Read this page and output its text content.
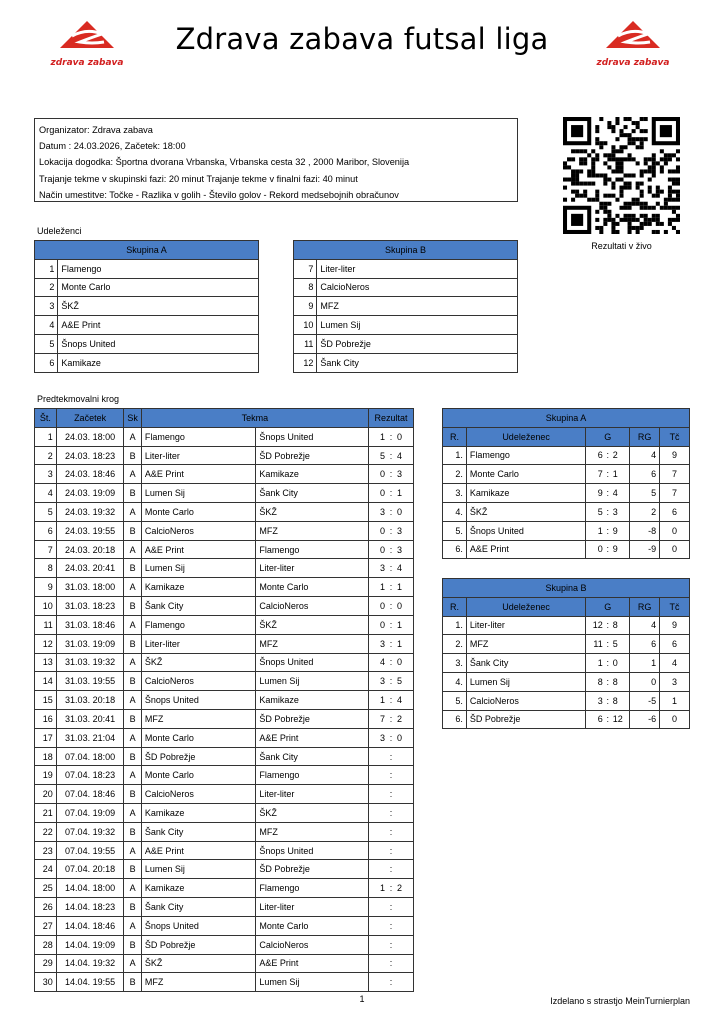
zdrava zabava
Zdrava zabava futsal liga
zdrava zabava
Organizator: Zdrava zabava
Datum : 24.03.2026, Začetek: 18:00
Lokacija dogodka: Športna dvorana Vrbanska, Vrbanska cesta 32 , 2000 Maribor, Slovenija
Trajanje tekme v skupinski fazi: 20 minut Trajanje tekme v finalni fazi: 40 minut
Način umestitve: Točke - Razlika v golih - Število golov - Rekord medsebojnih obračunov
Rezultati v živo
Udeleženci
Skupina A	
1	Flamengo
2	Monte Carlo
3	ŠKŽ
4	A&E Print
5	Šnops United
6	Kamikaze
Skupina B	
7	Liter-liter
8	CalcioNeros
9	MFZ
10	Lumen Sij
11	ŠD Pobrežje
12	Šank City
Predtekmovalni krog
Št.	Začetek	Sk	Tekma		Rezultat
1	24.03. 18:00	A	Flamengo	Šnops United	1 : 0

2	24.03. 18:23	B	Liter-liter	ŠD Pobrežje	5 : 4

3	24.03. 18:46	A	A&E Print	Kamikaze	0 : 3

4	24.03. 19:09	B	Lumen Sij	Šank City	0 : 1

5	24.03. 19:32	A	Monte Carlo	ŠKŽ	3 : 0

6	24.03. 19:55	B	CalcioNeros	MFZ	0 : 3

7	24.03. 20:18	A	A&E Print	Flamengo	0 : 3

8	24.03. 20:41	B	Lumen Sij	Liter-liter	3 : 4

9	31.03. 18:00	A	Kamikaze	Monte Carlo	1 : 1

10	31.03. 18:23	B	Šank City	CalcioNeros	0 : 0

11	31.03. 18:46	A	Flamengo	ŠKŽ	0 : 1

12	31.03. 19:09	B	Liter-liter	MFZ	3 : 1

13	31.03. 19:32	A	ŠKŽ	Šnops United	4 : 0

14	31.03. 19:55	B	CalcioNeros	Lumen Sij	3 : 5

15	31.03. 20:18	A	Šnops United	Kamikaze	1 : 4

16	31.03. 20:41	B	MFZ	ŠD Pobrežje	7 : 2

17	31.03. 21:04	A	Monte Carlo	A&E Print	3 : 0

18	07.04. 18:00	B	ŠD Pobrežje	Šank City	:

19	07.04. 18:23	A	Monte Carlo	Flamengo	:

20	07.04. 18:46	B	CalcioNeros	Liter-liter	:

21	07.04. 19:09	A	Kamikaze	ŠKŽ	:

22	07.04. 19:32	B	Šank City	MFZ	:

23	07.04. 19:55	A	A&E Print	Šnops United	:

24	07.04. 20:18	B	Lumen Sij	ŠD Pobrežje	:

25	14.04. 18:00	A	Kamikaze	Flamengo	1 : 2

26	14.04. 18:23	B	Šank City	Liter-liter	:

27	14.04. 18:46	A	Šnops United	Monte Carlo	:

28	14.04. 19:09	B	ŠD Pobrežje	CalcioNeros	:

29	14.04. 19:32	A	ŠKŽ	A&E Print	:

30	14.04. 19:55	B	MFZ	Lumen Sij	:
Skupina A				
R.	Udeleženec	G	RG	Tč
1.	Flamengo	6 : 2	4	9
2.	Monte Carlo	7 : 1	6	7
3.	Kamikaze	9 : 4	5	7
4.	ŠKŽ	5 : 3	2	6
5.	Šnops United	1 : 9	-8	0
6.	A&E Print	0 : 9	-9	0
Skupina B				
R.	Udeleženec	G	RG	Tč
1.	Liter-liter	12 : 8	4	9
2.	MFZ	11 : 5	6	6
3.	Šank City	1 : 0	1	4
4.	Lumen Sij	8 : 8	0	3
5.	CalcioNeros	3 : 8	-5	1
6.	ŠD Pobrežje	6 : 12	-6	0
1	Izdelano s strastjo MeinTurnierplan
